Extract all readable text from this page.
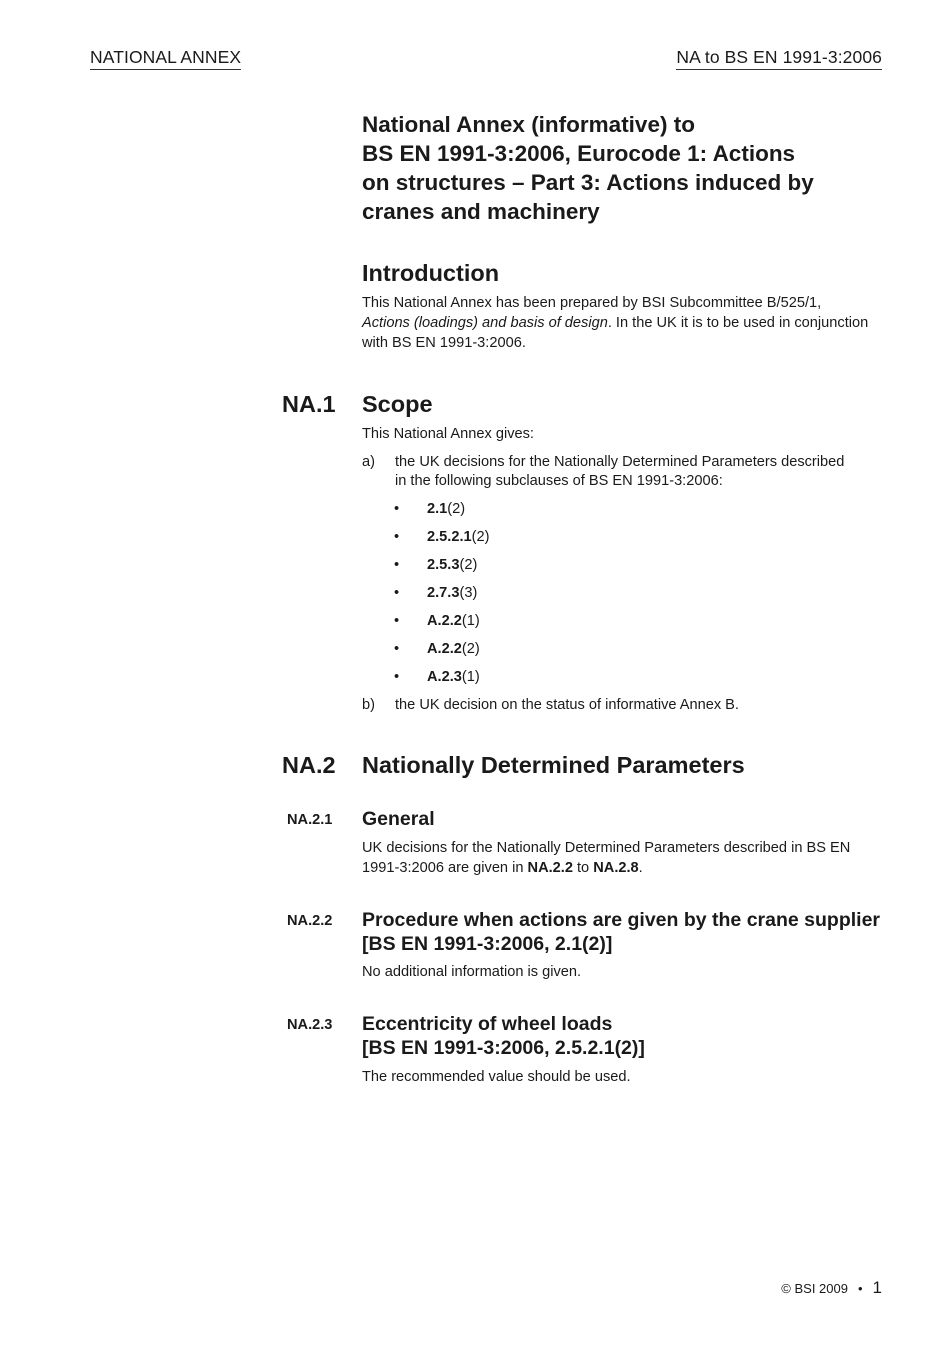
NATIONAL ANNEX	NA to BS EN 1991-3:2006
National Annex (informative) to
BS EN 1991-3:2006, Eurocode 1: Actions
on structures – Part 3: Actions induced by
cranes and machinery
Introduction

This National Annex has been prepared by BSI Subcommittee B/525/1,
Actions (loadings) and basis of design. In the UK it is to be used in conjunction with BS EN 1991-3:2006.

NA.1 Scope

This National Annex gives:

a) the UK decisions for the Nationally Determined Parameters described in the following subclauses of BS EN 1991-3:2006:
• 2.1(2)
• 2.5.2.1(2)
• 2.5.3(2)
• 2.7.3(3)
• A.2.2(1)
• A.2.2(2)
• A.2.3(1)
b) the UK decision on the status of informative Annex B.
NA.2 Nationally Determined Parameters
NA.2.1 General

UK decisions for the Nationally Determined Parameters described in BS EN 1991-3:2006 are given in NA.2.2 to NA.2.8.

NA.2.2 Procedure when actions are given by the crane supplier
[BS EN 1991-3:2006, 2.1(2)]

No additional information is given.

NA.2.3 Eccentricity of wheel loads
[BS EN 1991-3:2006, 2.5.2.1(2)]

The recommended value should be used.

© BSI 2009 • 1
